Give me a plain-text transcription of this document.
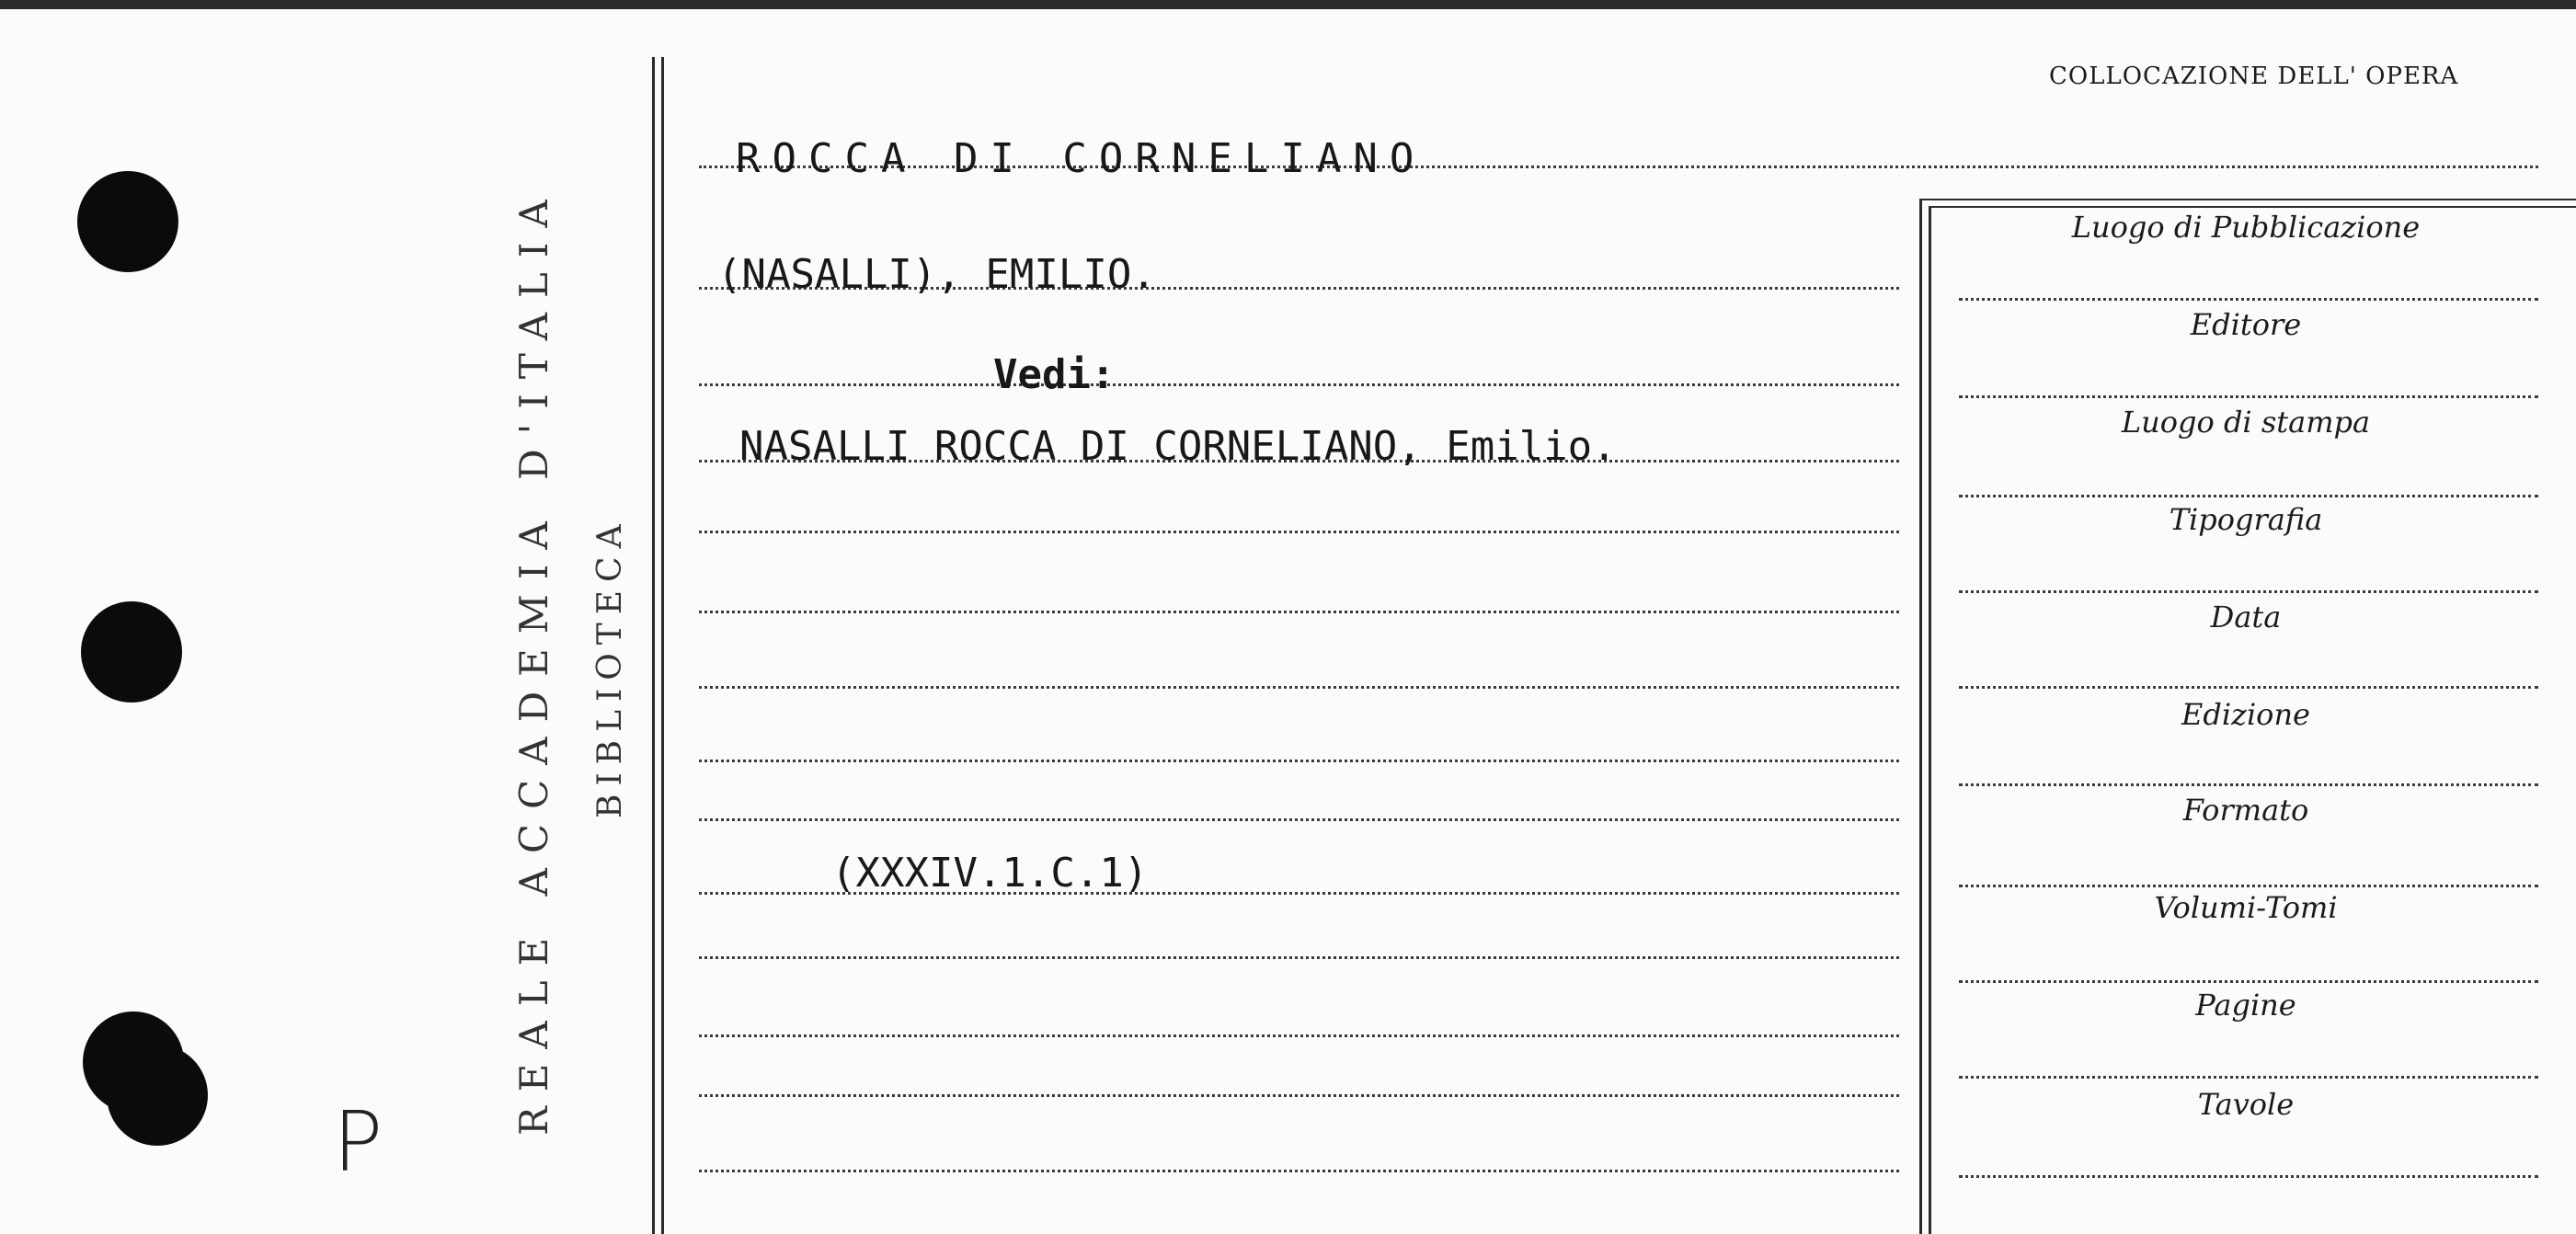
REALE ACCADEMIA D'ITALIA BIBLIOTECA
P
ROCCA DI CORNELIANO
(NASALLI), EMILIO.
Vedi:
NASALLI ROCCA DI CORNELIANO, Emilio.
(XXXIV.1.C.1)
COLLOCAZIONE DELL' OPERA
Luogo di Pubblicazione
Editore
Luogo di stampa
Tipografia
Data
Edizione
Formato
Volumi-Tomi
Pagine
Tavole
